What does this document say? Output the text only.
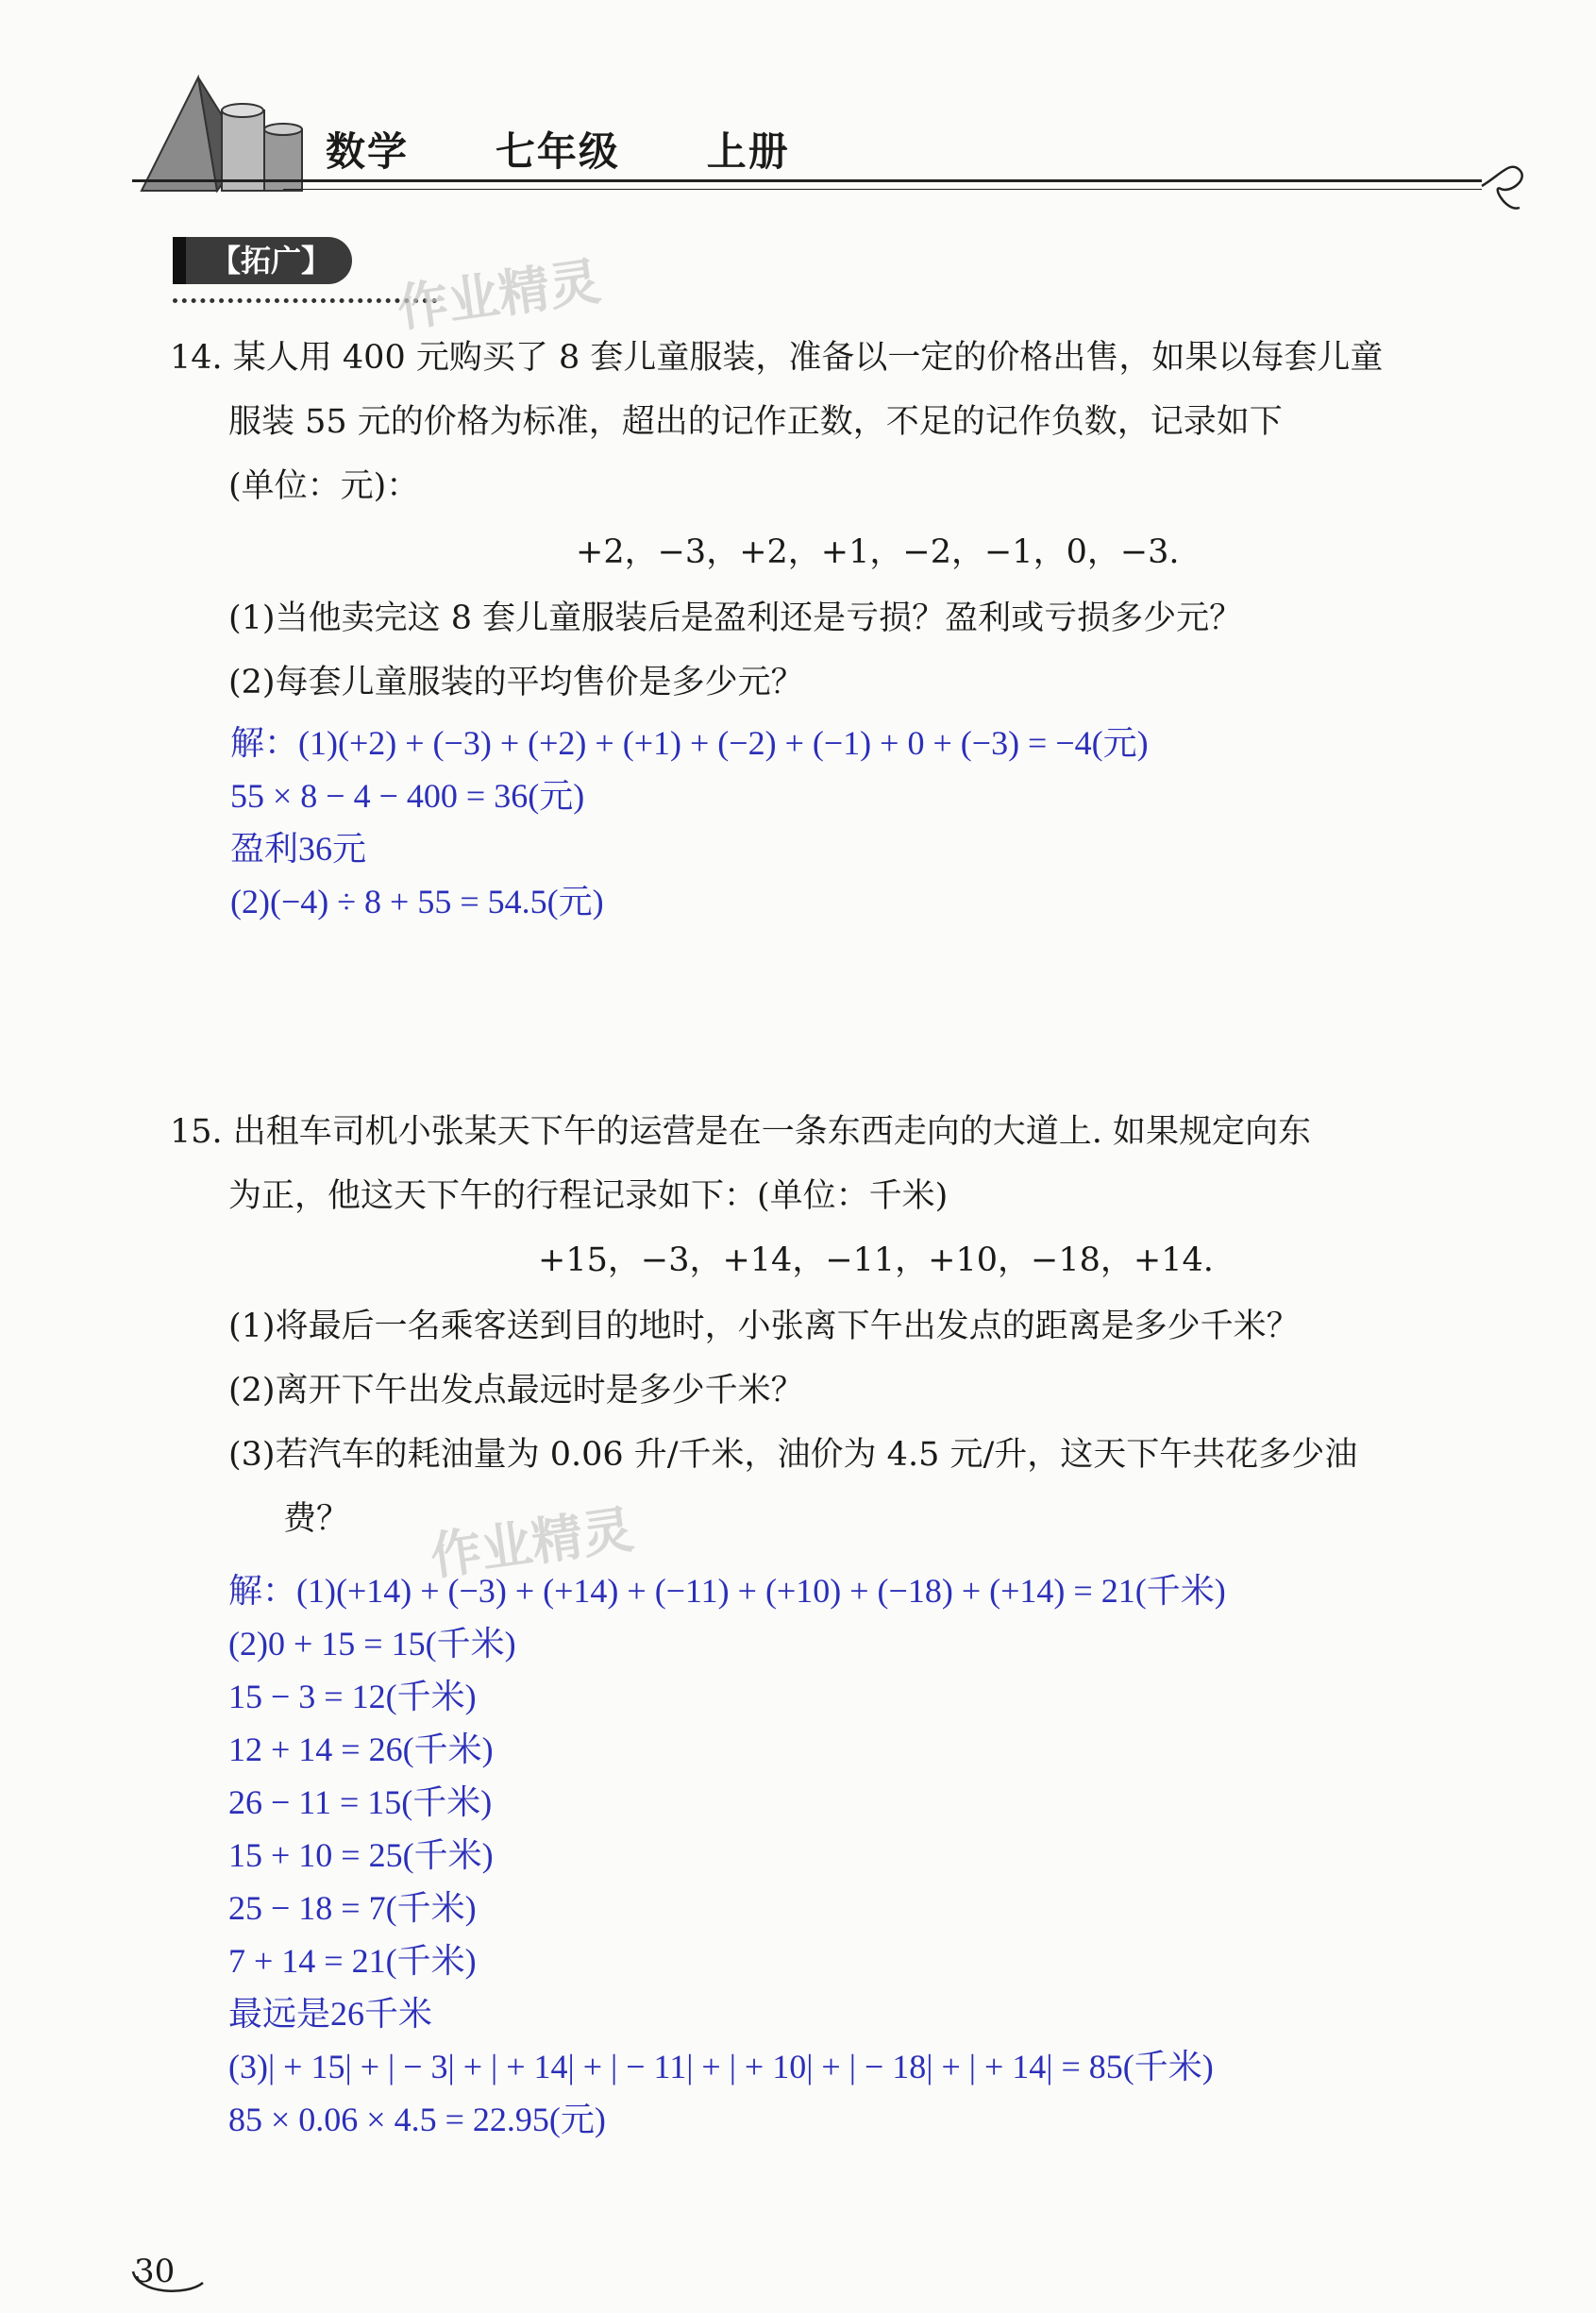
数学   七年级   上册
【拓广】	作业精灵
14. 某人用 400 元购买了 8 套儿童服装，准备以一定的价格出售，如果以每套儿童
服装 55 元的价格为标准，超出的记作正数，不足的记作负数，记录如下
(单位：元)：
+2，−3，+2，+1，−2，−1，0，−3.
(1)当他卖完这 8 套儿童服装后是盈利还是亏损？盈利或亏损多少元？
(2)每套儿童服装的平均售价是多少元？
解：(1)(+2) + (−3) + (+2) + (+1) + (−2) + (−1) + 0 + (−3) = −4(元)
55 × 8 − 4 − 400 = 36(元)
盈利36元
(2)(−4) ÷ 8 + 55 = 54.5(元)
15. 出租车司机小张某天下午的运营是在一条东西走向的大道上. 如果规定向东
为正，他这天下午的行程记录如下：(单位：千米)
+15，−3，+14，−11，+10，−18，+14.
(1)将最后一名乘客送到目的地时，小张离下午出发点的距离是多少千米？
(2)离开下午出发点最远时是多少千米？
(3)若汽车的耗油量为 0.06 升/千米，油价为 4.5 元/升，这天下午共花多少油
费？ 作业精灵
解：(1)(+14) + (−3) + (+14) + (−11) + (+10) + (−18) + (+14) = 21(千米)
(2)0 + 15 = 15(千米)
15 − 3 = 12(千米)
12 + 14 = 26(千米)
26 − 11 = 15(千米)
15 + 10 = 25(千米)
25 − 18 = 7(千米)
7 + 14 = 21(千米)
最远是26千米
(3)| + 15| + | − 3| + | + 14| + | − 11| + | + 10| + | − 18| + | + 14| = 85(千米)
85 × 0.06 × 4.5 = 22.95(元)
30
